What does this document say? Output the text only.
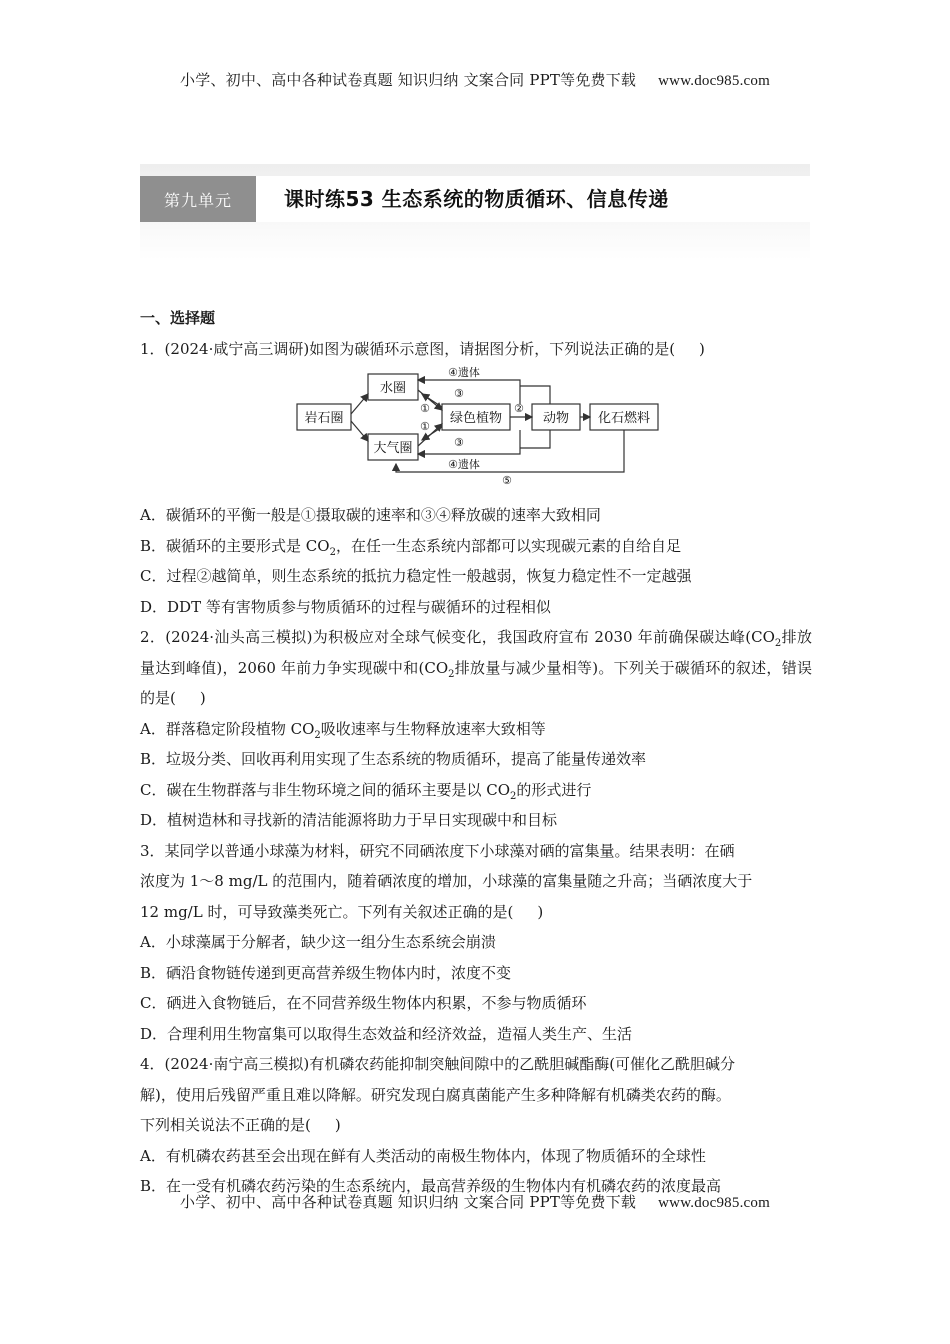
小学、初中、高中各种试卷真题 知识归纳 文案合同 PPT等免费下载 www.doc985.com
第九单元	课时练53 生态系统的物质循环、信息传递

一、选择题

1．(2024·咸宁高三调研)如图为碳循环示意图，请据图分析，下列说法正确的是( )

岩石圈
水圈
大气圈
绿色植物	动物 化石燃料
④遗体
③
①
①
②
③
④遗体
⑤

A．碳循环的平衡一般是①摄取碳的速率和③④释放碳的速率大致相同

B．碳循环的主要形式是 $CO_2$，在任一生态系统内部都可以实现碳元素的自给自足

C．过程②越简单，则生态系统的抵抗力稳定性一般越弱，恢复力稳定性不一定越强

D．DDT 等有害物质参与物质循环的过程与碳循环的过程相似

2．(2024·汕头高三模拟)为积极应对全球气候变化，我国政府宣布 2030 年前确保碳达峰($CO_2$排放量达到峰值)，2060 年前力争实现碳中和($CO_2$排放量与减少量相等)。下列关于碳循环的叙述，错误的是( )

A．群落稳定阶段植物 $CO_2$吸收速率与生物释放速率大致相等

B．垃圾分类、回收再利用实现了生态系统的物质循环，提高了能量传递效率

C．碳在生物群落与非生物环境之间的循环主要是以 $CO_2$的形式进行

D．植树造林和寻找新的清洁能源将助力于早日实现碳中和目标

3．某同学以普通小球藻为材料，研究不同硒浓度下小球藻对硒的富集量。结果表明：在硒

浓度为 1～8 mg/L 的范围内，随着硒浓度的增加，小球藻的富集量随之升高；当硒浓度大于

12 mg/L 时，可导致藻类死亡。下列有关叙述正确的是( )

A．小球藻属于分解者，缺少这一组分生态系统会崩溃

B．硒沿食物链传递到更高营养级生物体内时，浓度不变

C．硒进入食物链后，在不同营养级生物体内积累，不参与物质循环

D．合理利用生物富集可以取得生态效益和经济效益，造福人类生产、生活

4．(2024·南宁高三模拟)有机磷农药能抑制突触间隙中的乙酰胆碱酯酶(可催化乙酰胆碱分

解)，使用后残留严重且难以降解。研究发现白腐真菌能产生多种降解有机磷类农药的酶。

下列相关说法不正确的是( )

A．有机磷农药甚至会出现在鲜有人类活动的南极生物体内，体现了物质循环的全球性

B．在一受有机磷农药污染的生态系统内，最高营养级的生物体内有机磷农药的浓度最高

小学、初中、高中各种试卷真题 知识归纳 文案合同 PPT等免费下载 www.doc985.com
